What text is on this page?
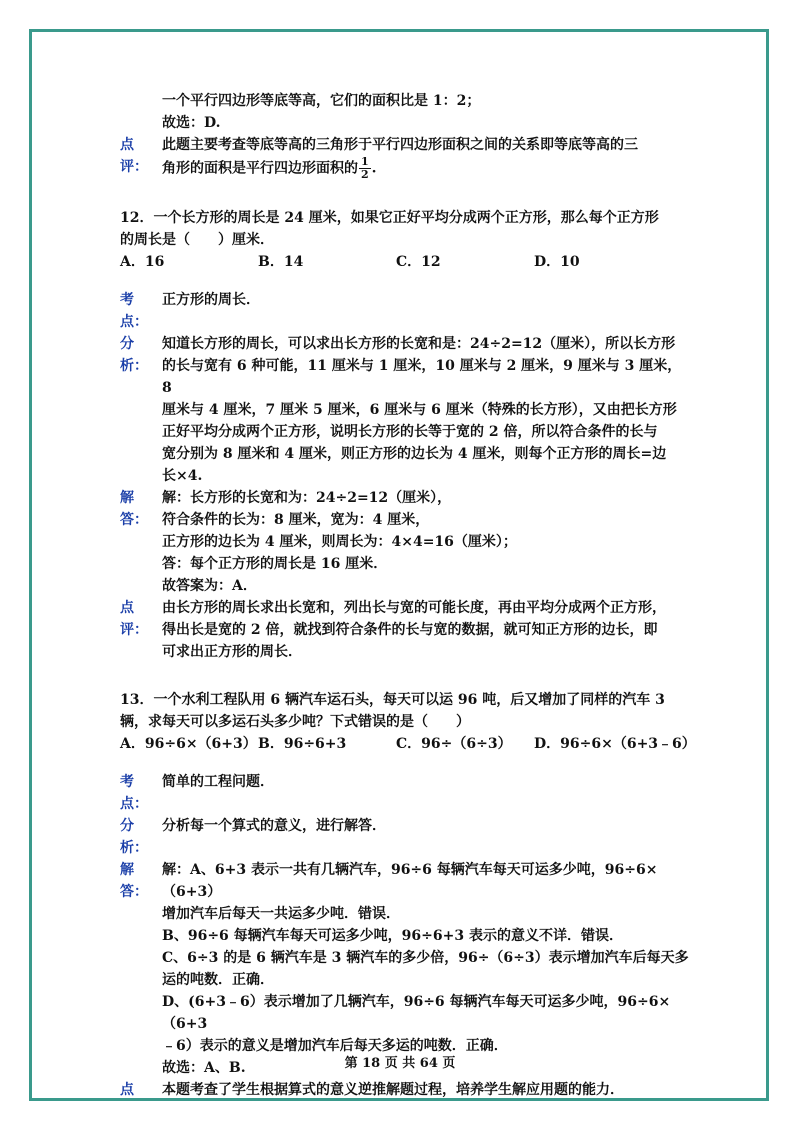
一个平行四边形等底等高，它们的面积比是 1：2；

故选：D.

点
评：

此题主要考查等底等高的三角形于平行四边形面积之间的关系即等底等高的三

角形的面积是平行四边形面积的 $\frac{1}{2}$ .

12．一个长方形的周长是 24 厘米，如果它正好平均分成两个正方形，那么每个正方形

的周长是（　　）厘米．

A．16	B．14	C．12	D．10
考
点：

正方形的周长．

分
析：

知道长方形的周长，可以求出长方形的长宽和是：24÷2=12（厘米），所以长方形

的长与宽有 6 种可能，11 厘米与 1 厘米，10 厘米与 2 厘米，9 厘米与 3 厘米，8

厘米与 4 厘米，7 厘米 5 厘米，6 厘米与 6 厘米（特殊的长方形），又由把长方形

正好平均分成两个正方形，说明长方形的长等于宽的 2 倍，所以符合条件的长与

宽分别为 8 厘米和 4 厘米，则正方形的边长为 4 厘米，则每个正方形的周长=边

长×4.

解
答：

解：长方形的长宽和为：24÷2=12（厘米），

符合条件的长为：8 厘米，宽为：4 厘米，

正方形的边长为 4 厘米，则周长为：4×4=16（厘米）；

答：每个正方形的周长是 16 厘米．

故答案为：A．

点
评：

由长方形的周长求出长宽和，列出长与宽的可能长度，再由平均分成两个正方形，

得出长是宽的 2 倍，就找到符合条件的长与宽的数据，就可知正方形的边长，即

可求出正方形的周长．

13．一个水利工程队用 6 辆汽车运石头，每天可以运 96 吨，后又增加了同样的汽车 3

辆，求每天可以多运石头多少吨？下式错误的是（　　）

A．96÷6×（6+3） B．96÷6+3	C．96÷（6÷3）	D．96÷6×（6+3﹣6）
考
点：

简单的工程问题．

分
析：

分析每一个算式的意义，进行解答．

解
答：

解：A、6+3 表示一共有几辆汽车，96÷6 每辆汽车每天可运多少吨，96÷6×（6+3）

增加汽车后每天一共运多少吨．错误．

B、96÷6 每辆汽车每天可运多少吨，96÷6+3 表示的意义不详．错误．

C、6÷3 的是 6 辆汽车是 3 辆汽车的多少倍，96÷（6÷3）表示增加汽车后每天多

运的吨数．正确．

D、(6+3﹣6）表示增加了几辆汽车，96÷6 每辆汽车每天可运多少吨，96÷6×（6+3

﹣6）表示的意义是增加汽车后每天多运的吨数．正确．

故选：A、B.

点	本题考查了学生根据算式的意义逆推解题过程，培养学生解应用题的能力．

第 18 页 共 64 页
